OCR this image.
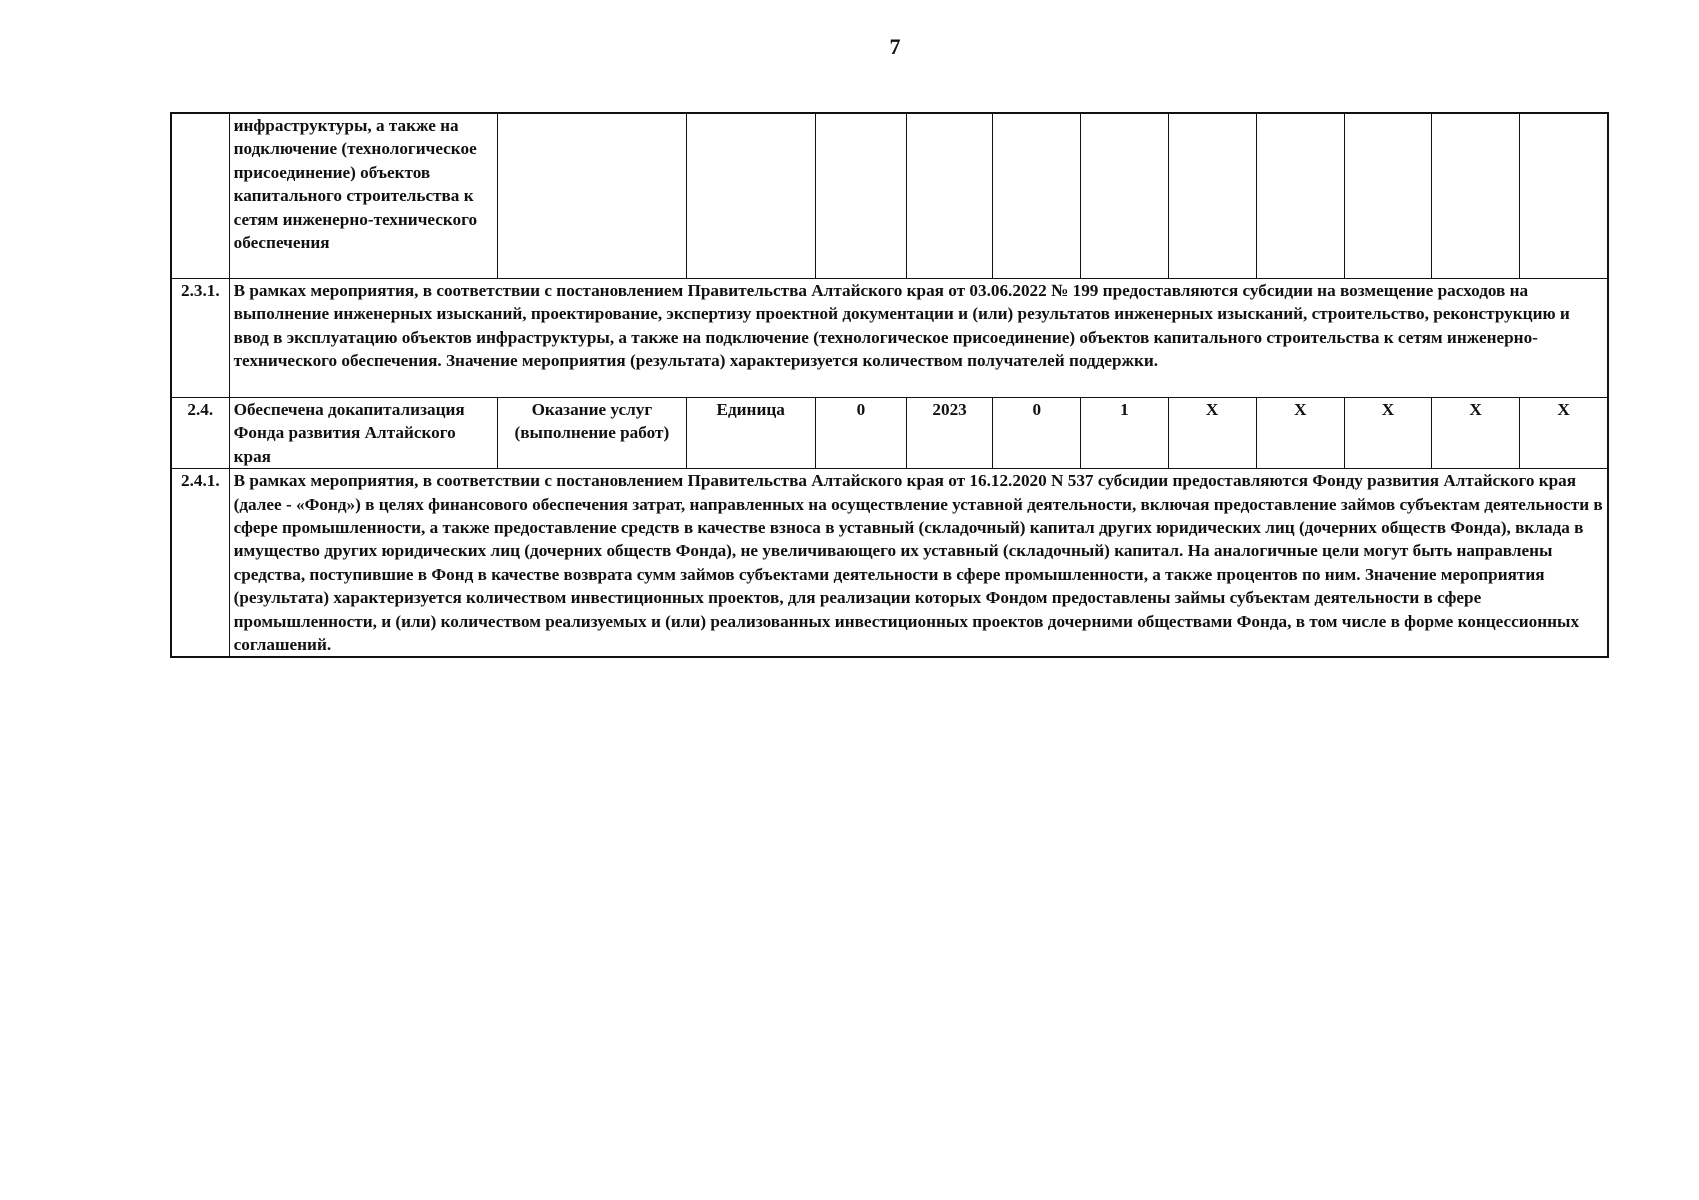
7
	инфраструктуры, а также на подключение (технологическое присоединение) объектов капитального строительства к сетям инженерно-технического обеспечения											
2.3.1.	В рамках мероприятия, в соответствии с постановлением Правительства Алтайского края от 03.06.2022 № 199 предоставляются субсидии на возмещение расходов на выполнение инженерных изысканий, проектирование, экспертизу проектной документации и (или) результатов инженерных изысканий, строительство, реконструкцию и ввод в эксплуатацию объектов инфраструктуры, а также на подключение (технологическое присоединение) объектов капитального строительства к сетям инженерно-технического обеспечения. Значение мероприятия (результата) характеризуется количеством получателей поддержки.											
2.4.	Обеспечена докапитализация Фонда развития Алтайского края	Оказание услуг (выполнение работ)	Единица	0	2023	0	1	X	X	X	X	X
2.4.1.	В рамках мероприятия, в соответствии с постановлением Правительства Алтайского края от 16.12.2020 N 537 субсидии предоставляются Фонду развития Алтайского края (далее - «Фонд») в целях финансового обеспечения затрат, направленных на осуществление уставной деятельности, включая предоставление займов субъектам деятельности в сфере промышленности, а также предоставление средств в качестве взноса в уставный (складочный) капитал других юридических лиц (дочерних обществ Фонда), вклада в имущество других юридических лиц (дочерних обществ Фонда), не увеличивающего их уставный (складочный) капитал. На аналогичные цели могут быть направлены средства, поступившие в Фонд в качестве возврата сумм займов субъектами деятельности в сфере промышленности, а также процентов по ним. Значение мероприятия (результата) характеризуется количеством инвестиционных проектов, для реализации которых Фондом предоставлены займы субъектам деятельности в сфере промышленности, и (или) количеством реализуемых и (или) реализованных инвестиционных проектов дочерними обществами Фонда, в том числе в форме концессионных соглашений.											
